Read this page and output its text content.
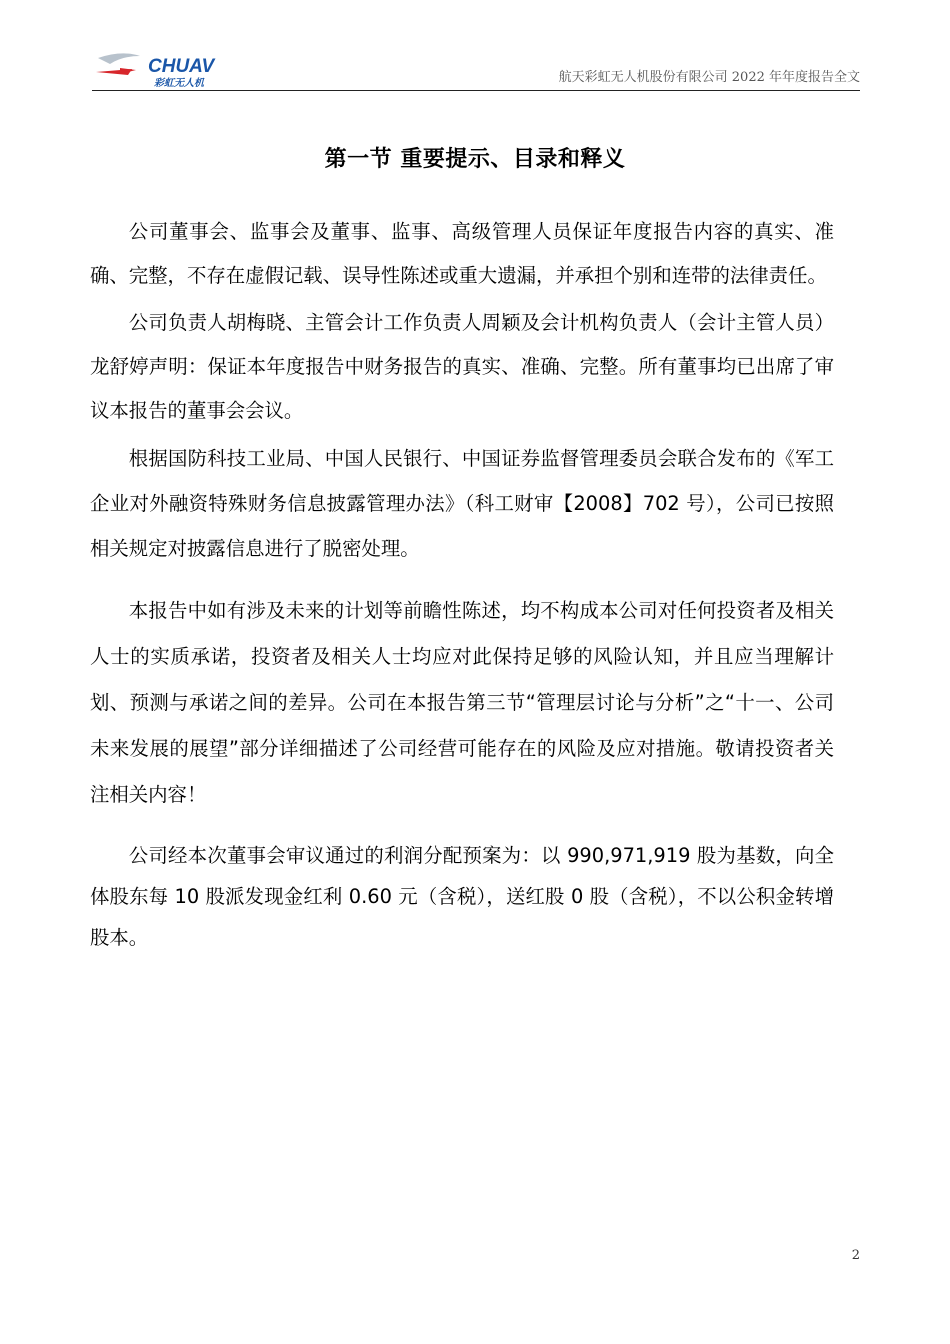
CHUAV
彩虹无人机	航天彩虹无人机股份有限公司 2022 年年度报告全文
第一节 重要提示、目录和释义

公司董事会、监事会及董事、监事、高级管理人员保证年度报告内容的真实、准确、完整，不存在虚假记载、误导性陈述或重大遗漏，并承担个别和连带的法律责任。

公司负责人胡梅晓、主管会计工作负责人周颖及会计机构负责人（会计主管人员）龙舒婷声明：保证本年度报告中财务报告的真实、准确、完整。所有董事均已出席了审议本报告的董事会会议。

根据国防科技工业局、中国人民银行、中国证券监督管理委员会联合发布的《军工企业对外融资特殊财务信息披露管理办法》（科工财审【2008】702 号），公司已按照相关规定对披露信息进行了脱密处理。

本报告中如有涉及未来的计划等前瞻性陈述，均不构成本公司对任何投资者及相关人士的实质承诺，投资者及相关人士均应对此保持足够的风险认知，并且应当理解计划、预测与承诺之间的差异。公司在本报告第三节“管理层讨论与分析”之“十一、公司未来发展的展望”部分详细描述了公司经营可能存在的风险及应对措施。敬请投资者关注相关内容！

公司经本次董事会审议通过的利润分配预案为：以 990,971,919 股为基数，向全体股东每 10 股派发现金红利 0.60 元（含税），送红股 0 股（含税），不以公积金转增股本。

2
